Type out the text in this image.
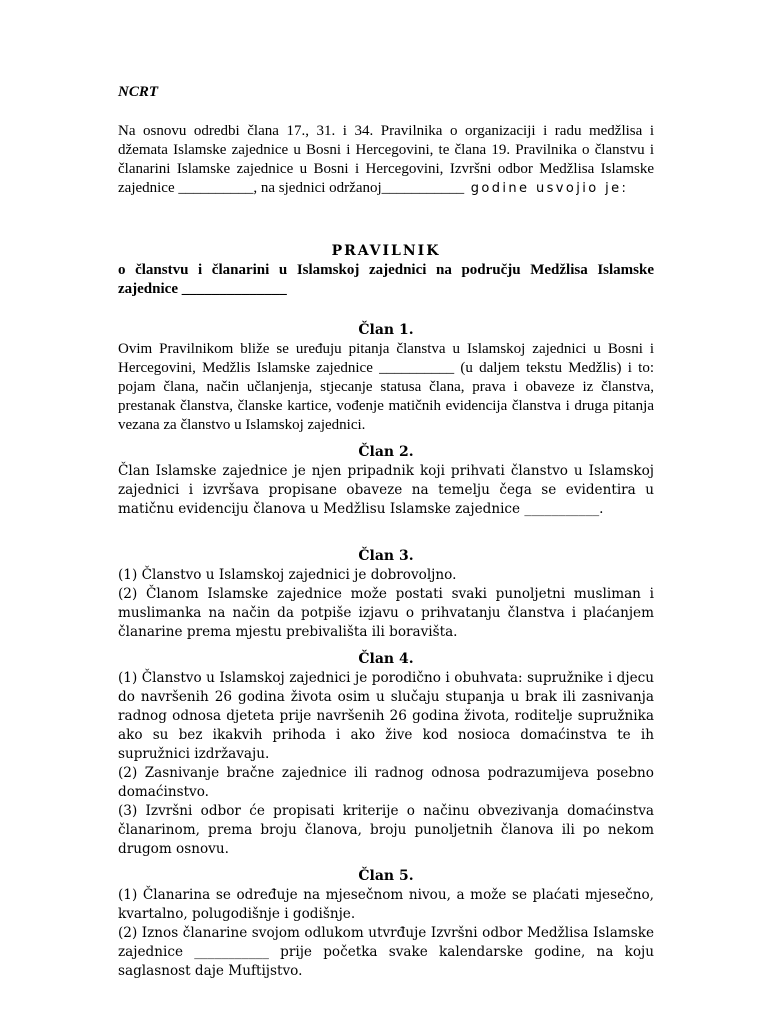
NCRT

Na osnovu odredbi člana 17., 31. i 34. Pravilnika o organizaciji i radu medžlisa i džemata Islamske zajednice u Bosni i Hercegovini, te člana 19. Pravilnika o članstvu i članarini Islamske zajednice u Bosni i Hercegovini, Izvršni odbor Medžlisa Islamske zajednice __________, na sjednici održanoj___________ godine usvojio je:

PRAVILNIK

o članstvu i članarini u Islamskoj zajednici na području Medžlisa Islamske zajednice ______________

Član 1.

Ovim Pravilnikom bliže se uređuju pitanja članstva u Islamskoj zajednici u Bosni i Hercegovini, Medžlis Islamske zajednice __________ (u daljem tekstu Medžlis) i to: pojam člana, način učlanjenja, stjecanje statusa člana, prava i obaveze iz članstva, prestanak članstva, članske kartice, vođenje matičnih evidencija članstva i druga pitanja vezana za članstvo u Islamskoj zajednici.

Član 2.

Član Islamske zajednice je njen pripadnik koji prihvati članstvo u Islamskoj zajednici i izvršava propisane obaveze na temelju čega se evidentira u matičnu evidenciju članova u Medžlisu Islamske zajednice ___________.

Član 3.

(1) Članstvo u Islamskoj zajednici je dobrovoljno.

(2) Članom Islamske zajednice može postati svaki punoljetni musliman i muslimanka na način da potpiše izjavu o prihvatanju članstva i plaćanjem članarine prema mjestu prebivališta ili boravišta.

Član 4.

(1) Članstvo u Islamskoj zajednici je porodično i obuhvata: supružnike i djecu do navršenih 26 godina života osim u slučaju stupanja u brak ili zasnivanja radnog odnosa djeteta prije navršenih 26 godina života, roditelje supružnika ako su bez ikakvih prihoda i ako žive kod nosioca domaćinstva te ih supružnici izdržavaju.

(2) Zasnivanje bračne zajednice ili radnog odnosa podrazumijeva posebno domaćinstvo.

(3) Izvršni odbor će propisati kriterije o načinu obvezivanja domaćinstva članarinom, prema broju članova, broju punoljetnih članova ili po nekom drugom osnovu.

Član 5.

(1) Članarina se određuje na mjesečnom nivou, a može se plaćati mjesečno, kvartalno, polugodišnje i godišnje.

(2) Iznos članarine svojom odlukom utvrđuje Izvršni odbor Medžlisa Islamske zajednice ___________ prije početka svake kalendarske godine, na koju saglasnost daje Muftijstvo.
